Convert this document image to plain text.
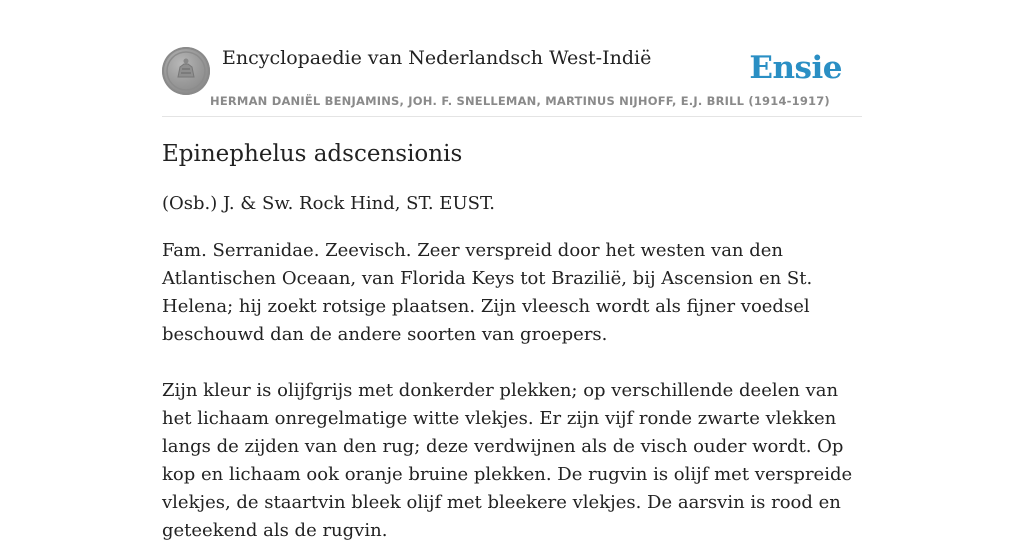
Encyclopaedie van Nederlandsch West-Indië	Ensie
HERMAN DANIËL BENJAMINS, JOH. F. SNELLEMAN, MARTINUS NIJHOFF, E.J. BRILL (1914-1917)
Epinephelus adscensionis

(Osb.) J. & Sw. Rock Hind, ST. EUST.

Fam. Serranidae. Zeevisch. Zeer verspreid door het westen van den Atlantischen Oceaan, van Florida Keys tot Brazilië, bij Ascension en St. Helena; hij zoekt rotsige plaatsen. Zijn vleesch wordt als fijner voedsel beschouwd dan de andere soorten van groepers.

Zijn kleur is olijfgrijs met donkerder plekken; op verschillende deelen van het lichaam onregelmatige witte vlekjes. Er zijn vijf ronde zwarte vlekken langs de zijden van den rug; deze verdwijnen als de visch ouder wordt. Op kop en lichaam ook oranje bruine plekken. De rugvin is olijf met verspreide vlekjes, de staartvin bleek olijf met bleekere vlekjes. De aarsvin is rood en geteekend als de rugvin.
